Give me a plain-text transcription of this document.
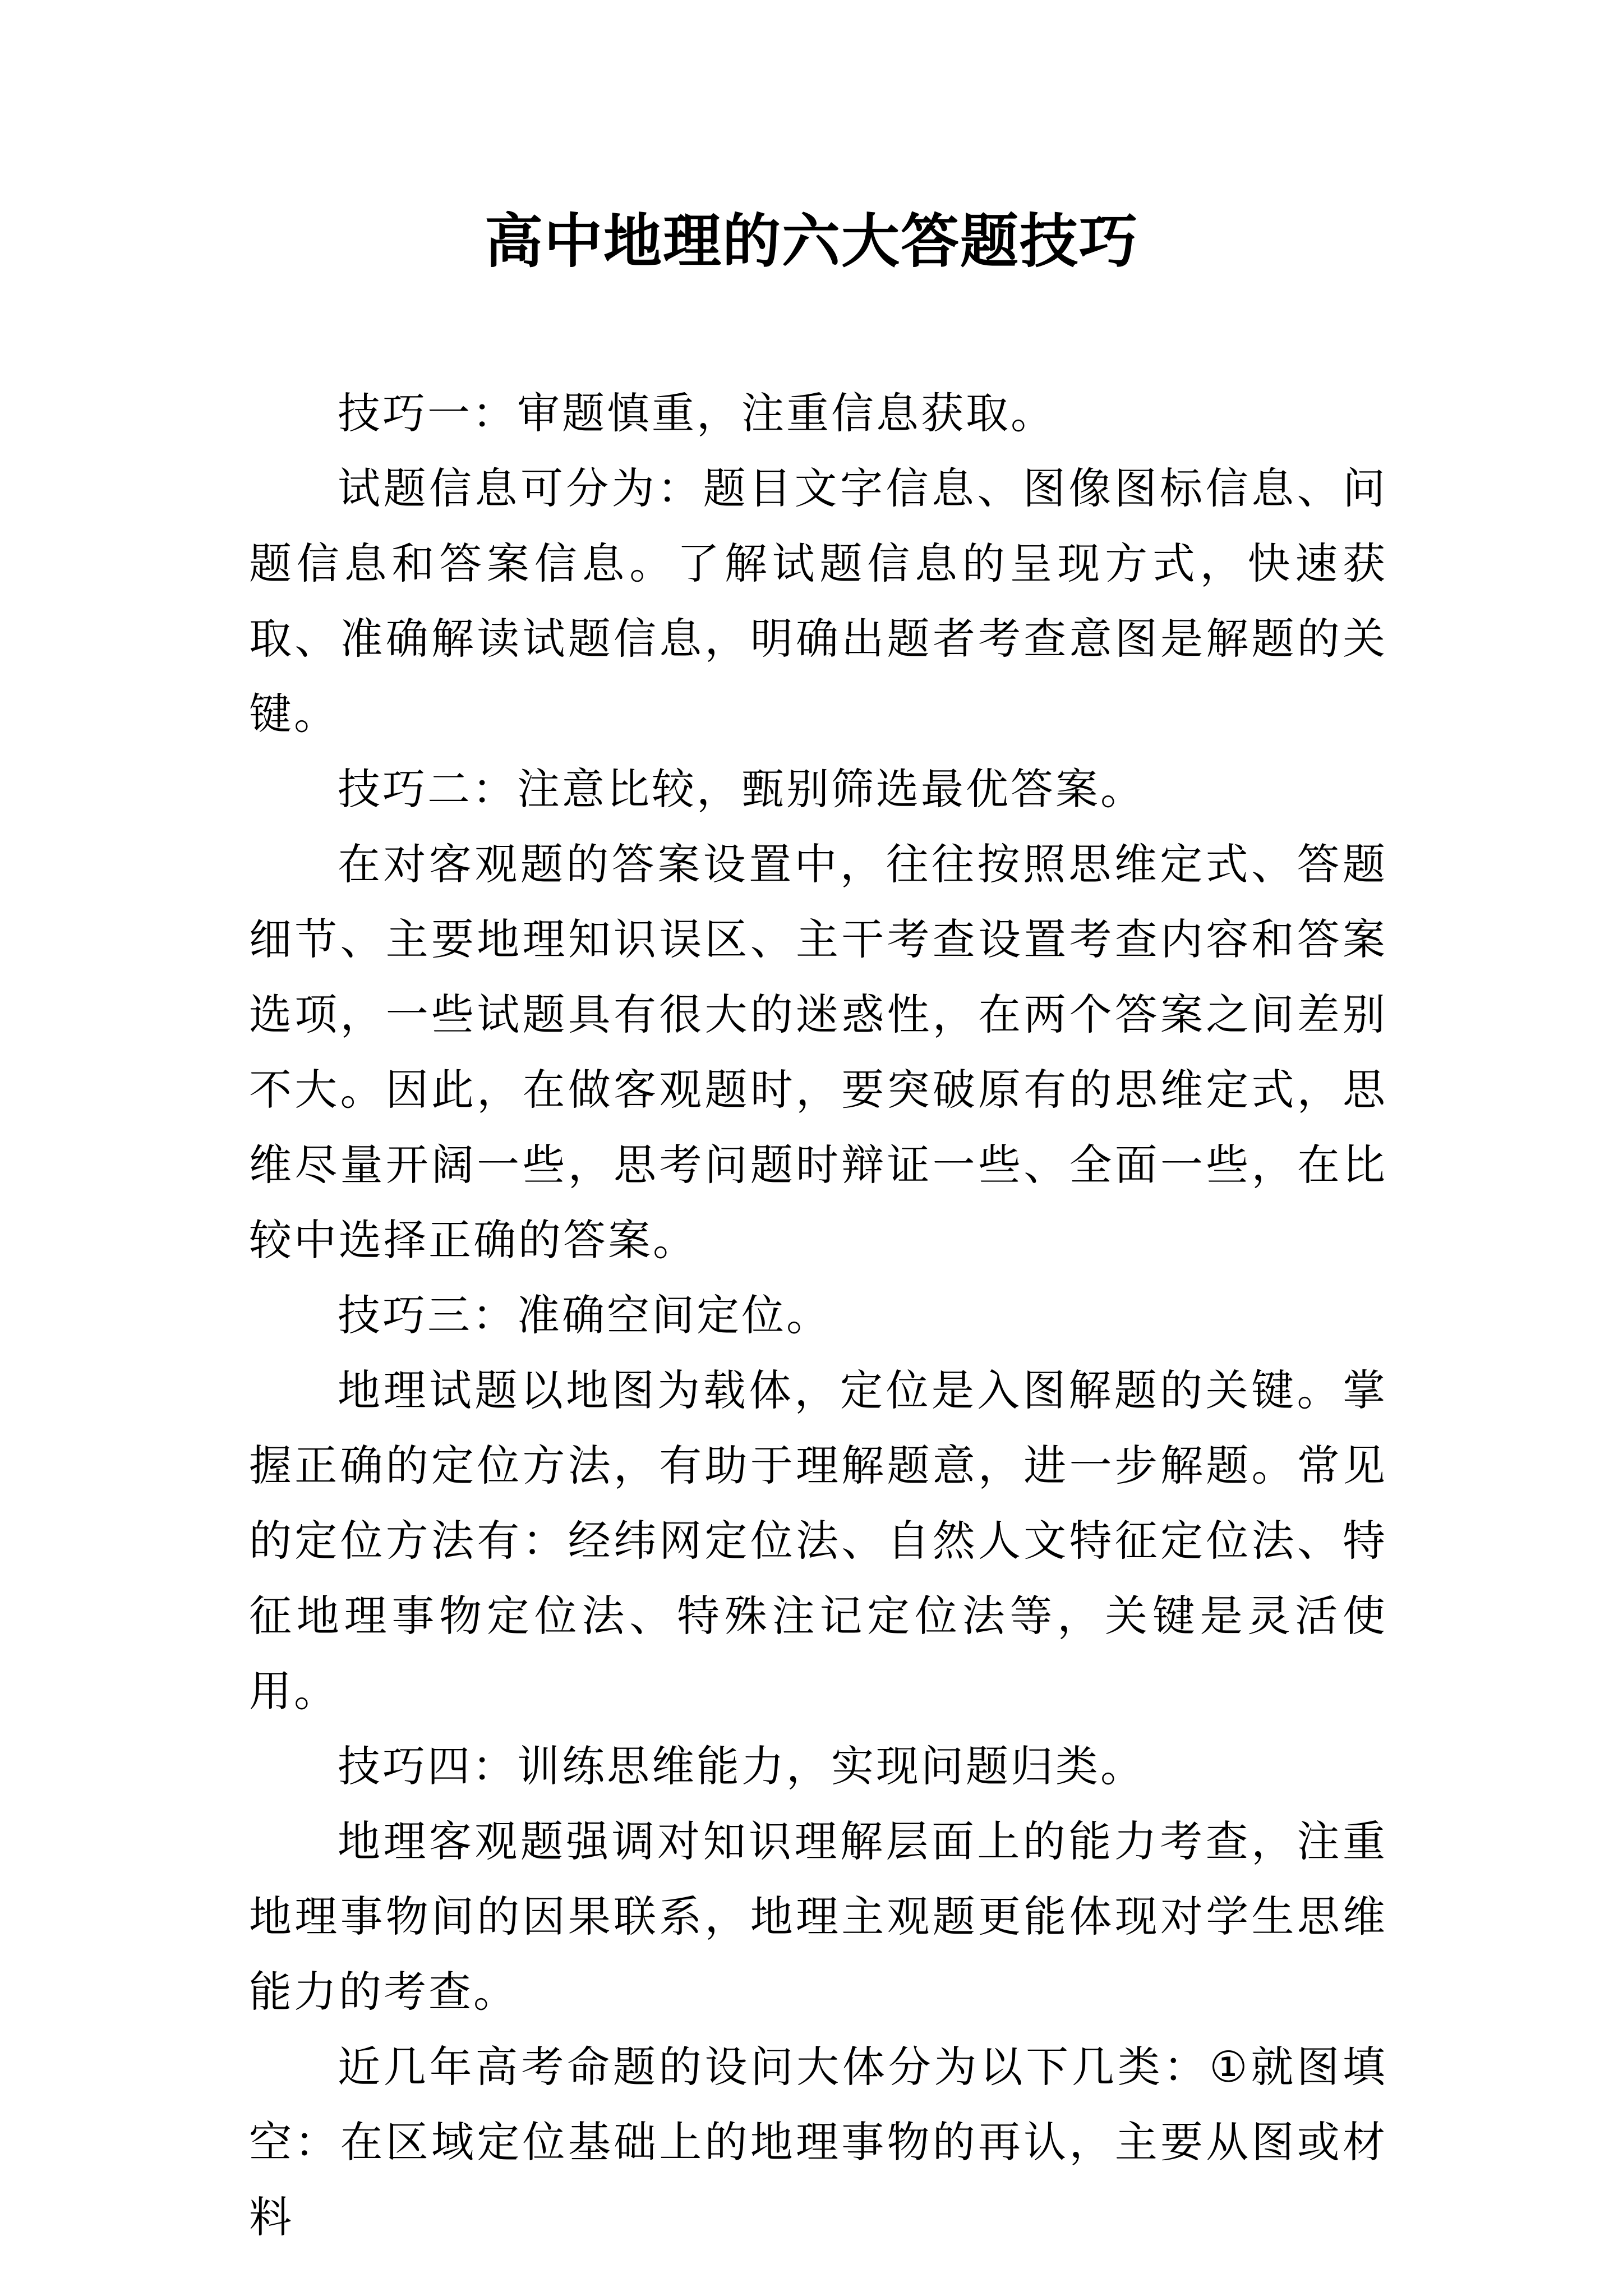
高中地理的六大答题技巧

技巧一：审题慎重，注重信息获取。

试题信息可分为：题目文字信息、图像图标信息、问题信息和答案信息。了解试题信息的呈现方式，快速获取、准确解读试题信息，明确出题者考查意图是解题的关键。

技巧二：注意比较，甄别筛选最优答案。

在对客观题的答案设置中，往往按照思维定式、答题细节、主要地理知识误区、主干考查设置考查内容和答案选项，一些试题具有很大的迷惑性，在两个答案之间差别不大。因此，在做客观题时，要突破原有的思维定式，思维尽量开阔一些，思考问题时辩证一些、全面一些，在比较中选择正确的答案。

技巧三：准确空间定位。

地理试题以地图为载体，定位是入图解题的关键。掌握正确的定位方法，有助于理解题意，进一步解题。常见的定位方法有：经纬网定位法、自然人文特征定位法、特征地理事物定位法、特殊注记定位法等，关键是灵活使用。

技巧四：训练思维能力，实现问题归类。

地理客观题强调对知识理解层面上的能力考查，注重地理事物间的因果联系，地理主观题更能体现对学生思维能力的考查。

近几年高考命题的设问大体分为以下几类：①就图填空：在区域定位基础上的地理事物的再认，主要从图或材料
